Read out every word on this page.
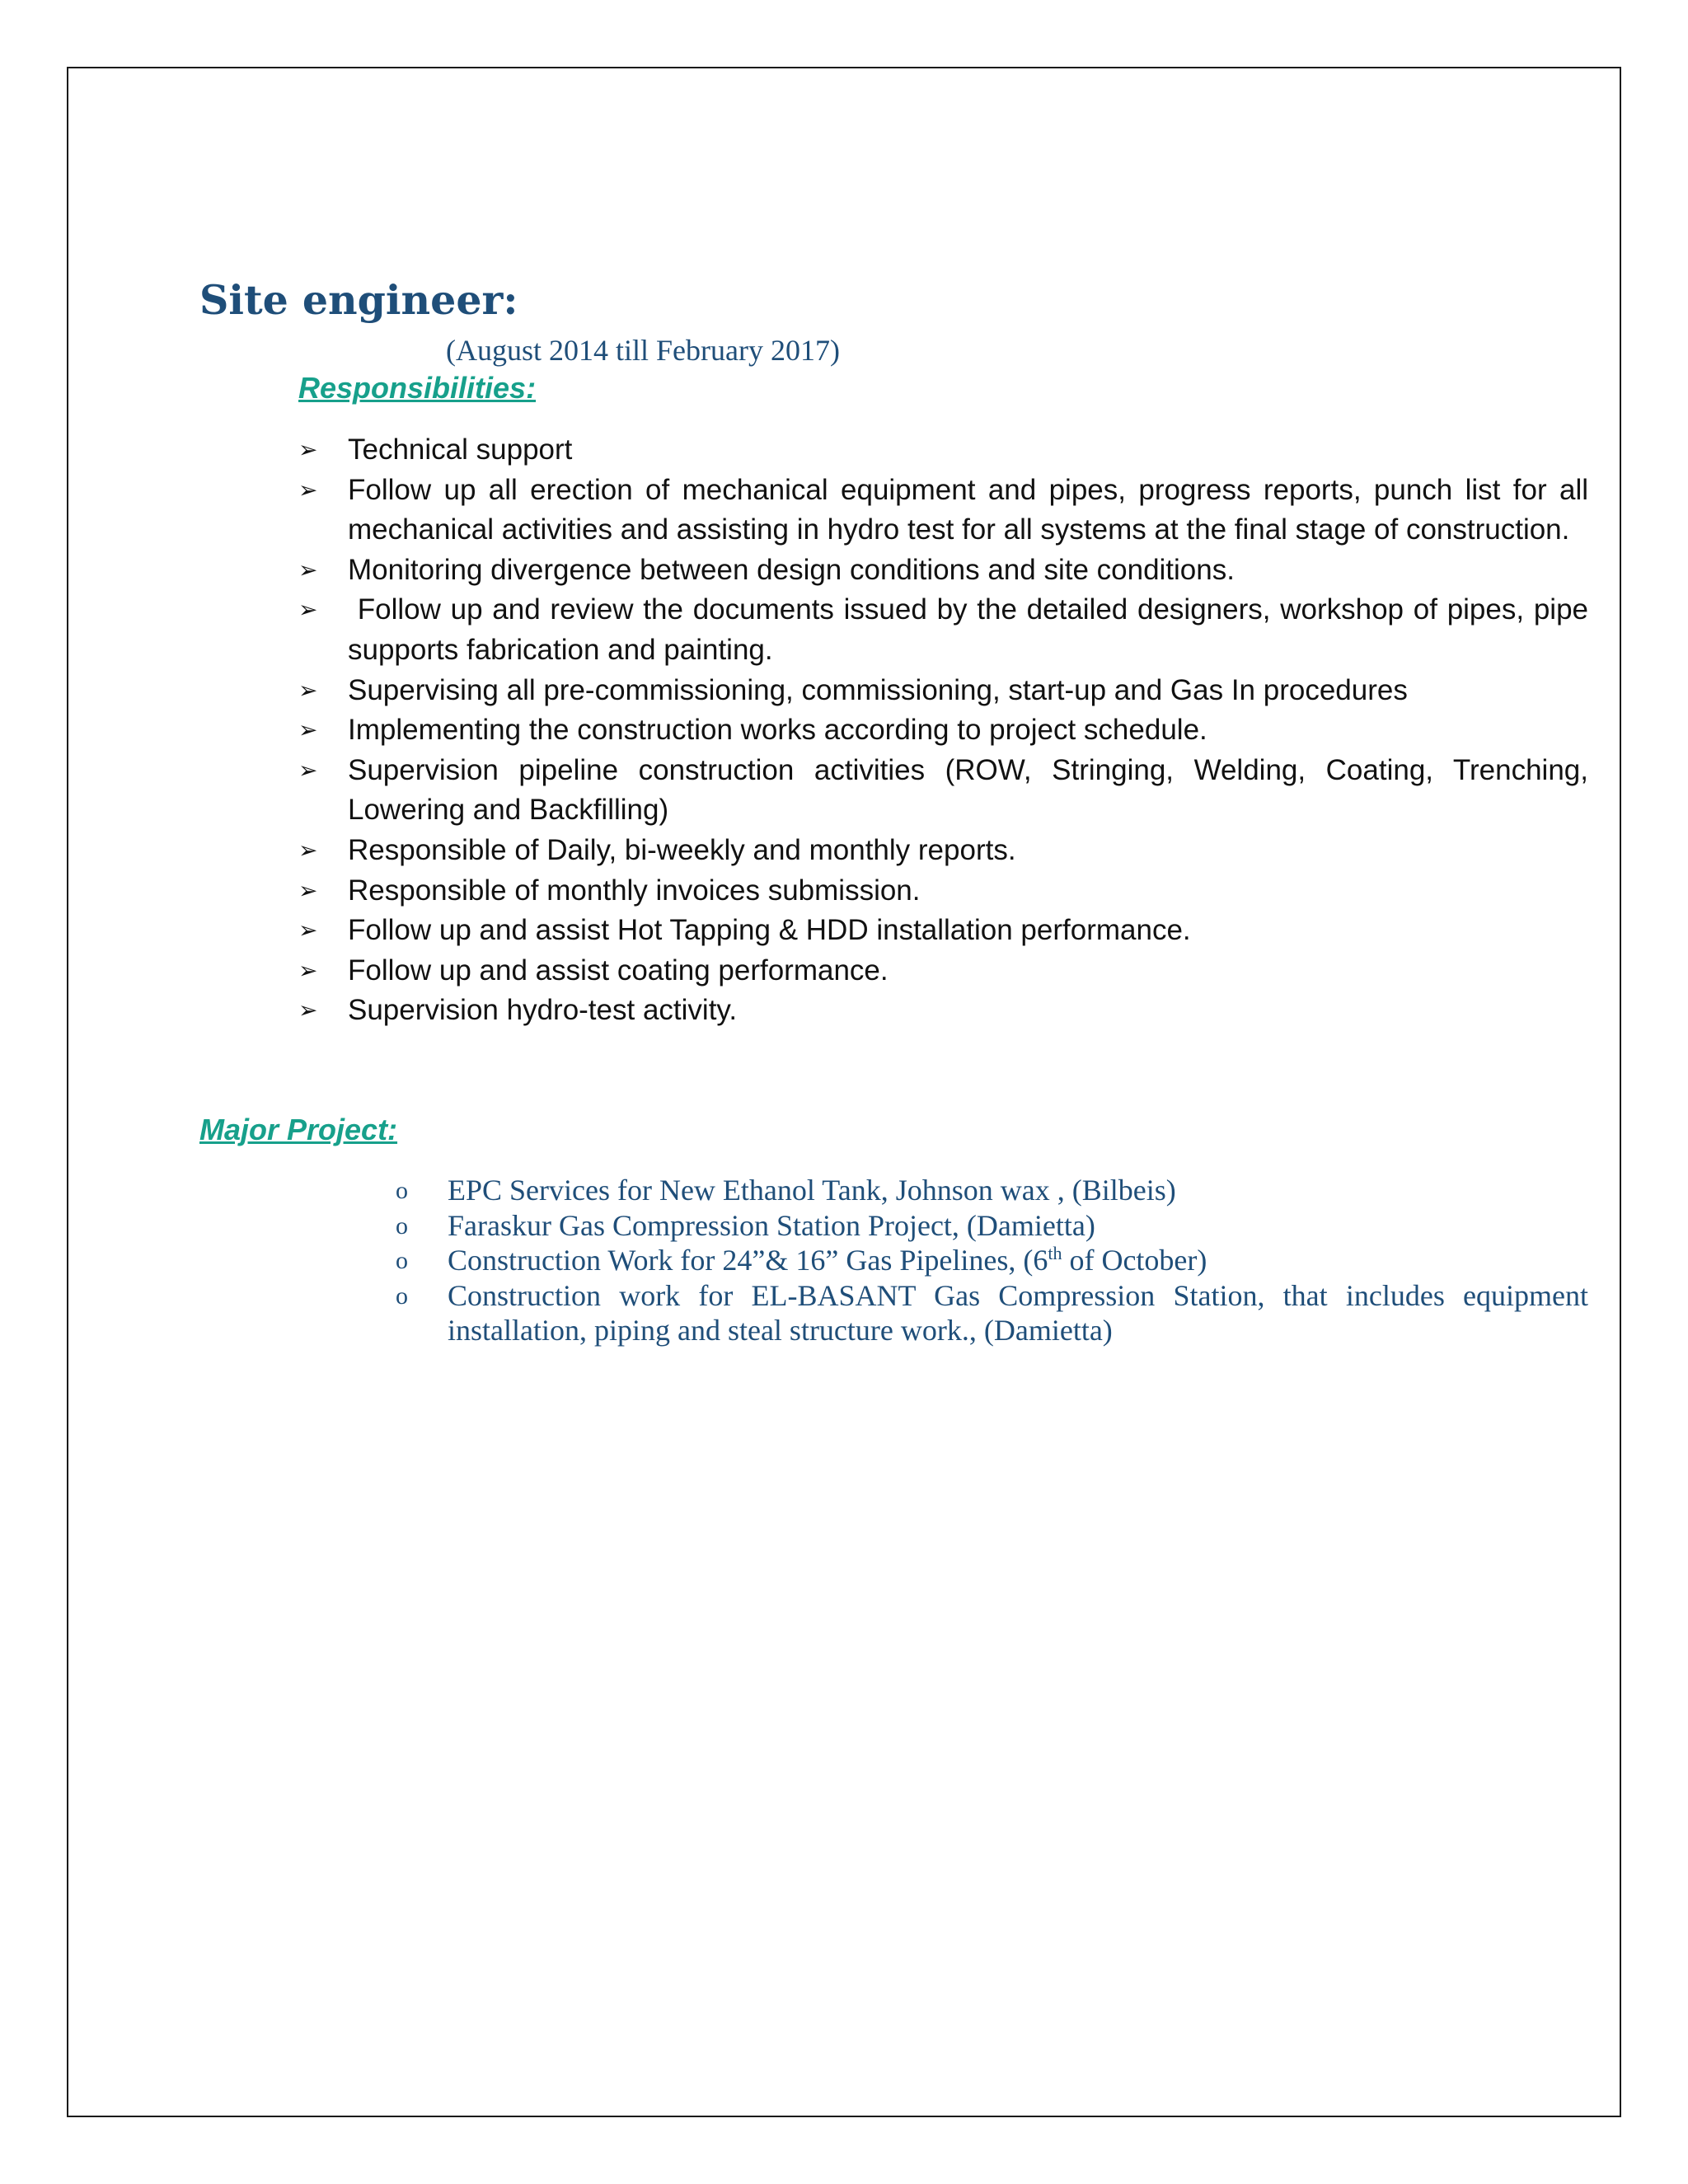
Site engineer:
(August 2014 till February 2017)
Responsibilities:
➢ Technical support
➢ Follow up all erection of mechanical equipment and pipes, progress reports, punch list for all mechanical activities and assisting in hydro test for all systems at the final stage of construction.
➢ Monitoring divergence between design conditions and site conditions.
➢ Follow up and review the documents issued by the detailed designers, workshop of pipes, pipe supports fabrication and painting.
➢ Supervising all pre-commissioning, commissioning, start-up and Gas In procedures
➢ Implementing the construction works according to project schedule.
➢ Supervision pipeline construction activities (ROW, Stringing, Welding, Coating, Trenching, Lowering and Backfilling)
➢ Responsible of Daily, bi-weekly and monthly reports.
➢ Responsible of monthly invoices submission.
➢ Follow up and assist Hot Tapping & HDD installation performance.
➢ Follow up and assist coating performance.
➢ Supervision hydro-test activity.
Major Project:
o EPC Services for New Ethanol Tank, Johnson wax , (Bilbeis)
o Faraskur Gas Compression Station Project, (Damietta)
o Construction Work for 24”& 16” Gas Pipelines, (6th of October)
o Construction work for EL-BASANT Gas Compression Station, that includes equipment installation, piping and steal structure work., (Damietta)
